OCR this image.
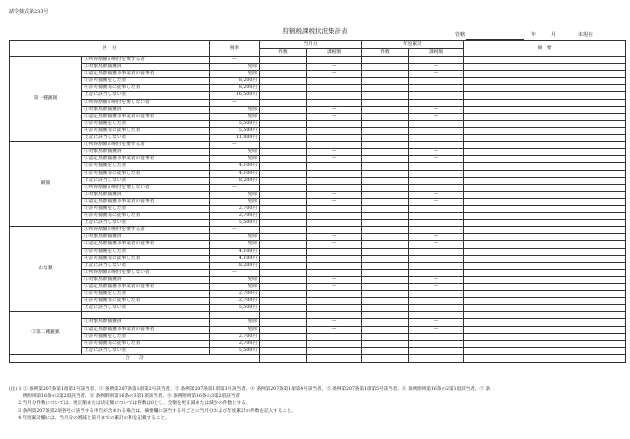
諸令様式第233号
狩猟税課税状況集計表	管轄	年　　　月	末現在
区　分		税率	当月分		年度累計		摘　要
			件数	課税額	件数	課税額	
第一種銃猟	①所得割額の納付を要する者	—					
	①対象鳥獣捕獲員	免除		—		—	
	②認定鳥獣捕獲等事業者の従事者	免除		—		—	
	③許可捕獲をした者	8,200円					
	④許可捕獲等に従事した者	8,200円					
	上記に該当しない者	16,500円					
	②所得割額の納付を要しない者	—					
	①対象鳥獣捕獲員	免除		—		—	
	②認定鳥獣捕獲等事業者の従事者	免除		—		—	
	③許可捕獲をした者	5,500円					
	④許可捕獲等に従事した者	5,500円					
	上記に該当しない者	11,000円					
網猟	①所得割額の納付を要する者	—					
	①対象鳥獣捕獲員	免除		—		—	
	②認定鳥獣捕獲等事業者の従事者	免除		—		—	
	③許可捕獲をした者	4,100円					
	④許可捕獲等に従事した者	4,100円					
	上記に該当しない者	8,200円					
	②所得割額の納付を要しない者	—					
	①対象鳥獣捕獲員	免除		—		—	
	②認定鳥獣捕獲等事業者の従事者	免除		—		—	
	③許可捕獲をした者	2,700円					
	④許可捕獲等に従事した者	2,700円					
	上記に該当しない者	5,500円					
わな猟	①所得割額の納付を要する者	—					
	①対象鳥獣捕獲員	免除		—		—	
	②認定鳥獣捕獲等事業者の従事者	免除		—		—	
	③許可捕獲をした者	4,100円					
	④許可捕獲等に従事した者	4,100円					
	上記に該当しない者	8,200円					
	②所得割額の納付を要しない者	—					
	①対象鳥獣捕獲員	免除		—		—	
	②認定鳥獣捕獲等事業者の従事者	免除		—		—	
	③許可捕獲をした者	2,700円					
	④許可捕獲等に従事した者	2,700円					
	上記に該当しない者	5,500円					
②第二種銃猟							
	①対象鳥獣捕獲員	免除		—		—	
	②認定鳥獣捕獲等事業者の従事者	免除		—		—	
	③許可捕獲をした者	2,700円					
	④許可捕獲等に従事した者	2,700円					
	上記に該当しない者	5,500円					
合　　計							
(注) 1 ① 条例第207条第1項第1号該当者、② 条例第207条第1項第2号該当者、③ 条例第207条第1項第3号該当者、④ 条例第207条第1項第4号該当者、⑤ 条例第207条第1項第5号該当者、⑥ 条例附則第16条の2第1項該当者、⑦ 条
　　　例附則第16条の2第2項該当者、⑧ 条例附則第16条の3第1項該当者、⑨ 条例附則第16条の3第2項該当者
　　2 当月分件数については、更正額または決定額については件数は0とし、全額を更正減または減少の件数とする。
　　3 条例第207条第2項各号に該当する申告が含まれる場合は、摘要欄に該当する号ごとに当月分および年度累計の件数を記入すること。
　　4 年度累計欄には、当月分の増減と前月までの累計の和を記載すること。
